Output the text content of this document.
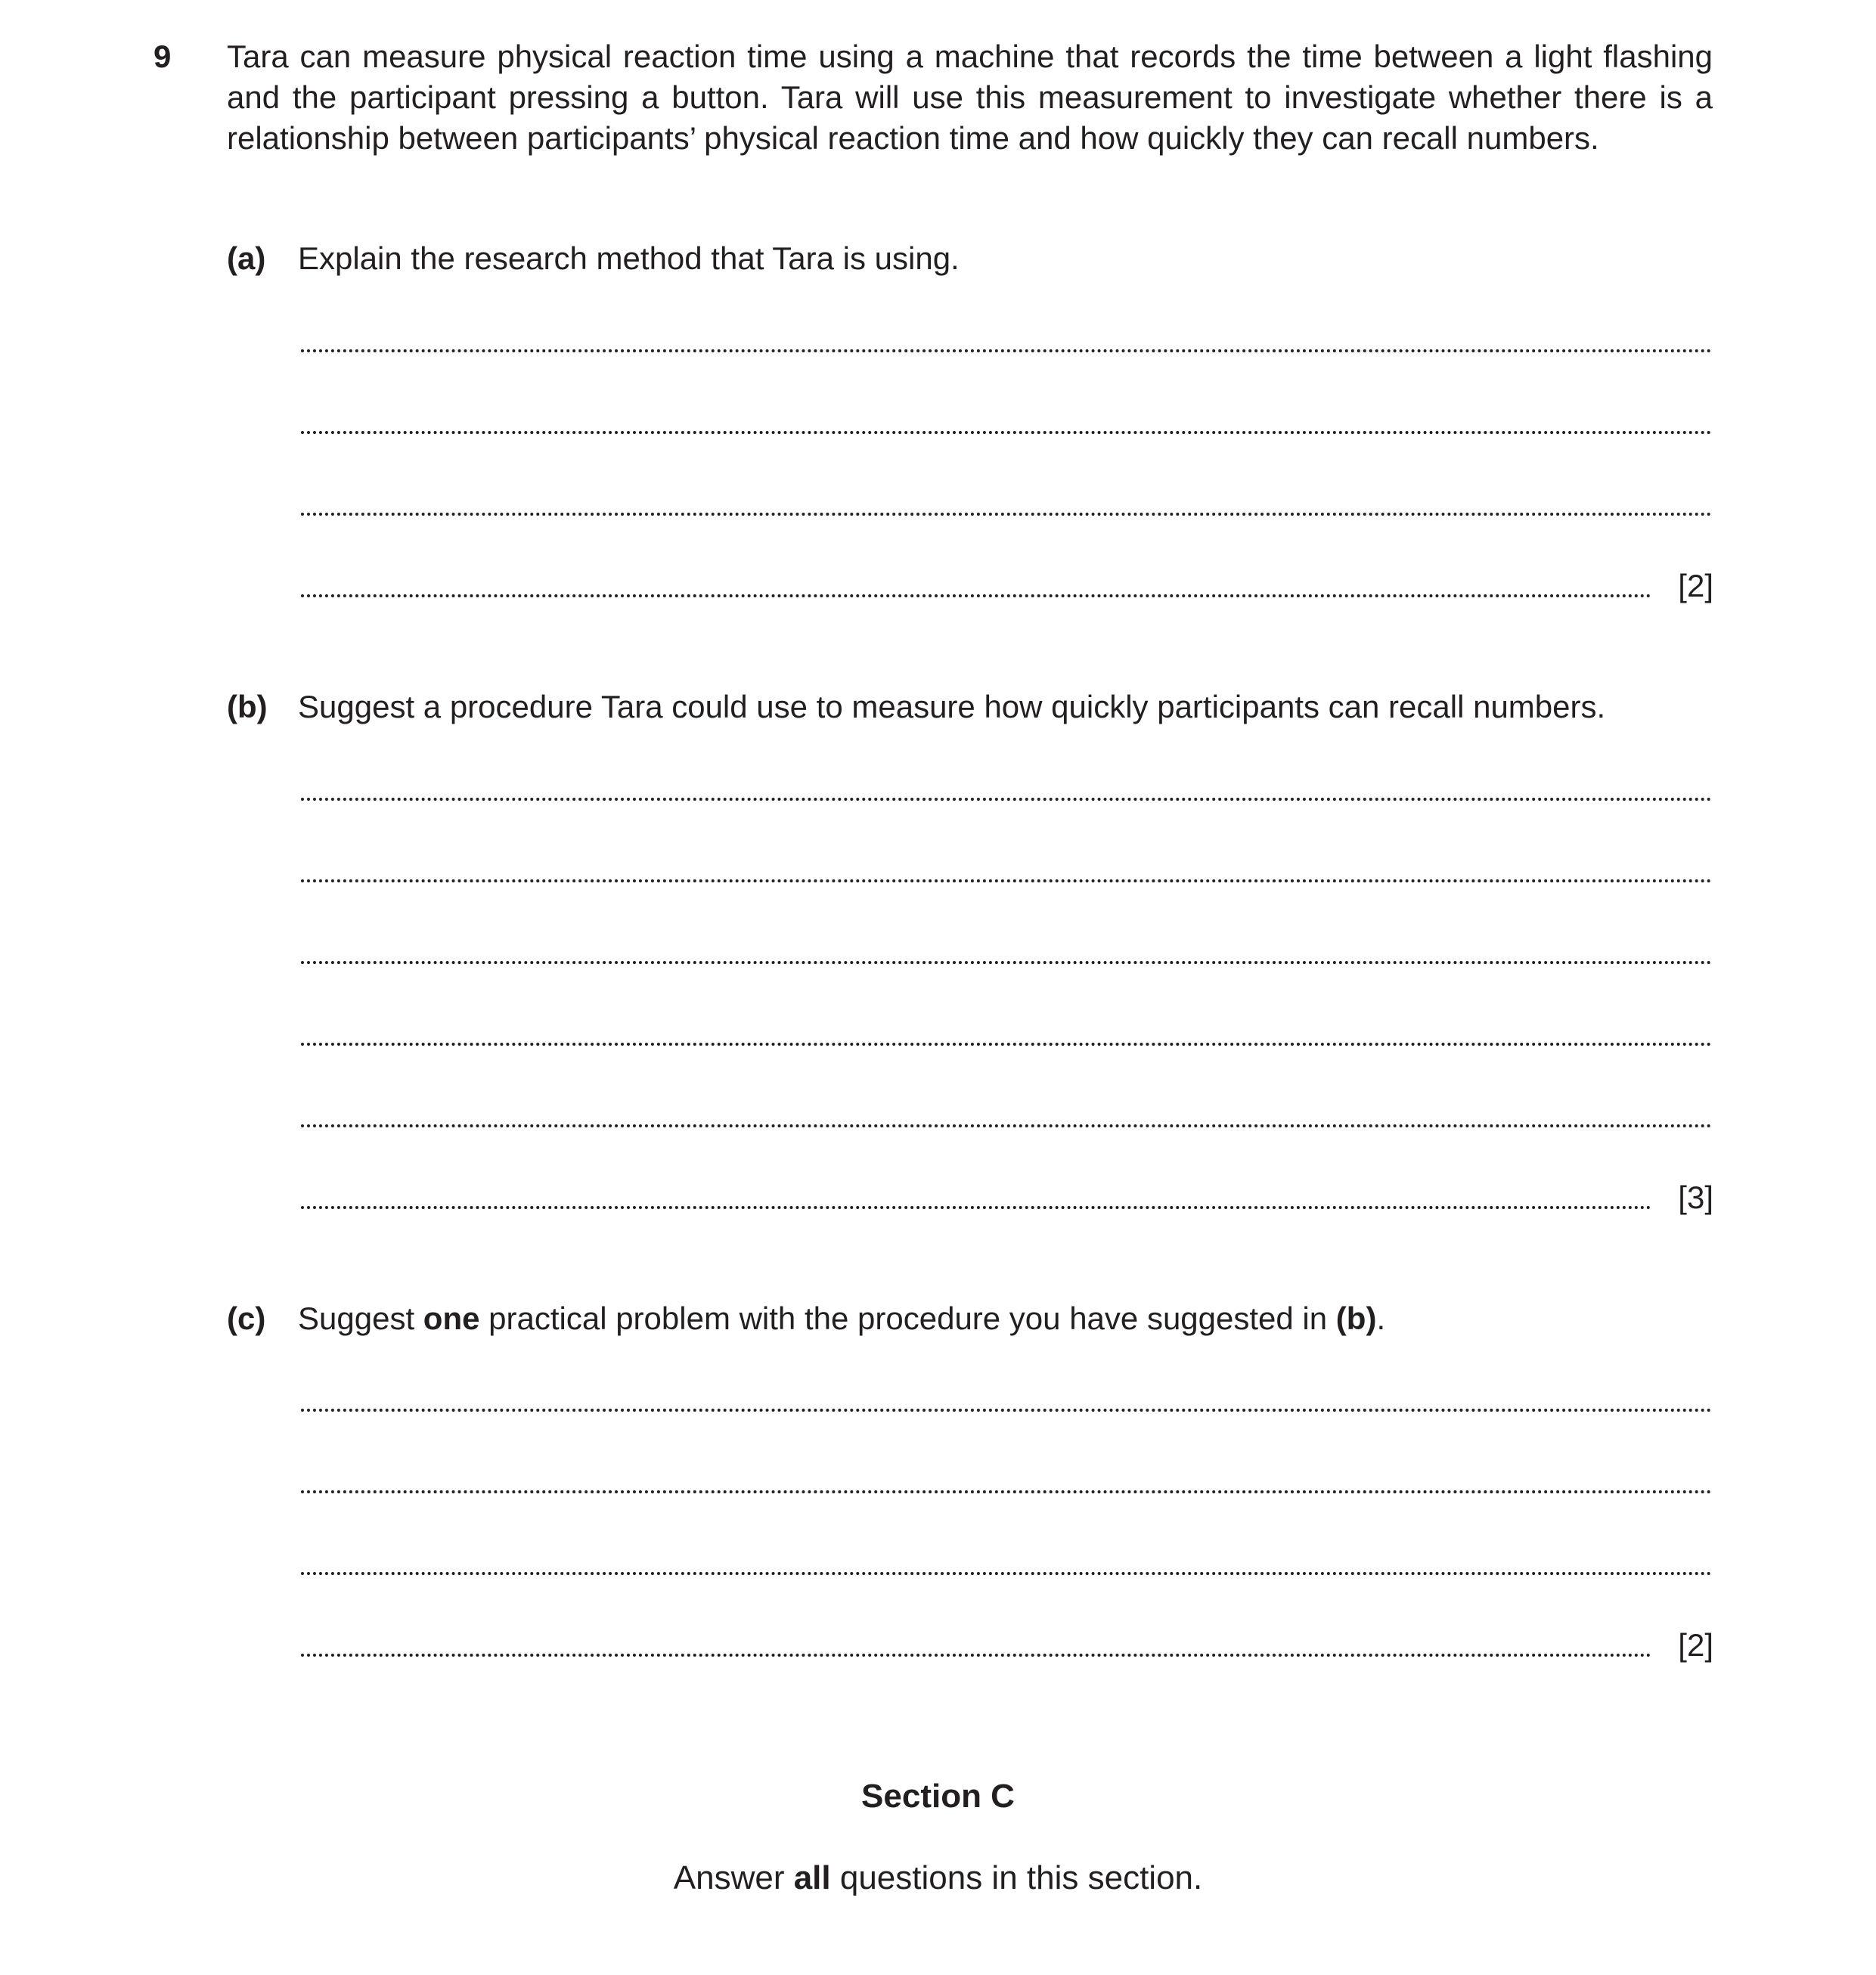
9 Tara can measure physical reaction time using a machine that records the time between a light flashing and the participant pressing a button. Tara will use this measurement to investigate whether there is a relationship between participants’ physical reaction time and how quickly they can recall numbers.
(a) Explain the research method that Tara is using.
[2]
(b) Suggest a procedure Tara could use to measure how quickly participants can recall numbers.
[3]
(c) Suggest one practical problem with the procedure you have suggested in (b).
[2]
Section C
Answer all questions in this section.
